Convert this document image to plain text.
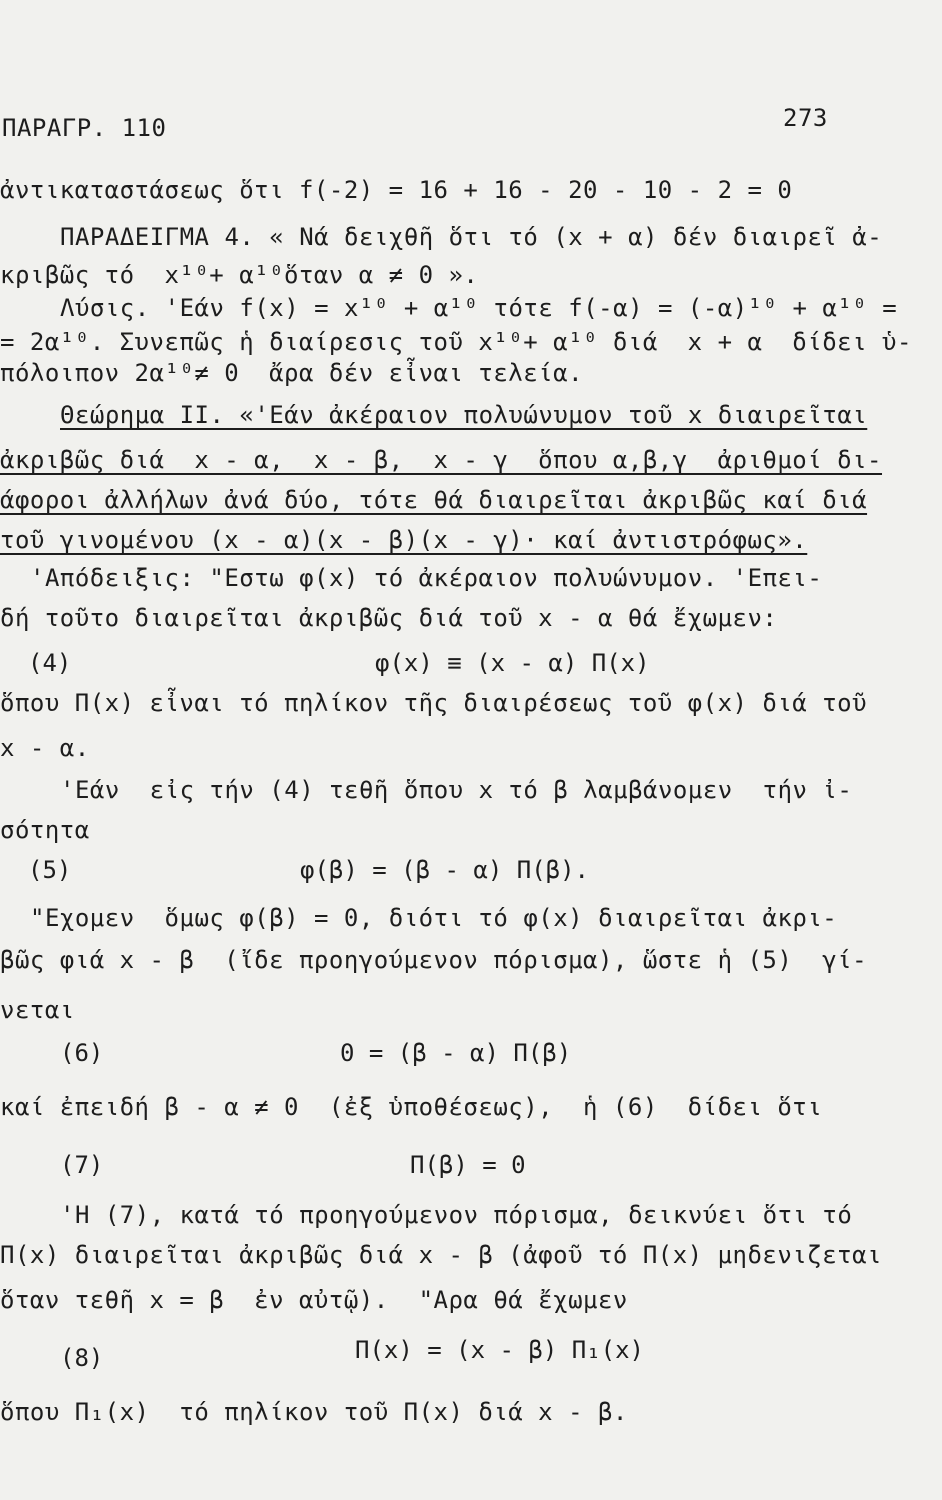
ΠΑΡΑΓΡ. 110	273
ἀντικαταστάσεως ὅτι f(-2) = 16 + 16 - 20 - 10 - 2 = 0
ΠΑΡΑΔΕΙΓΜΑ 4. « Νά δειχθῆ ὅτι τό (x + α) δέν διαιρεῖ ἀ-
κριβῶς τό  x¹⁰+ α¹⁰ὅταν α ≠ 0 ».
Λύσις. 'Εάν f(x) = x¹⁰ + α¹⁰ τότε f(-α) = (-α)¹⁰ + α¹⁰ =
= 2α¹⁰. Συνεπῶς ἡ διαίρεσις τοῦ x¹⁰+ α¹⁰ διά  x + α  δίδει ὑ-
πόλοιπον 2α¹⁰≠ 0  ἄρα δέν εἶναι τελεία.
Θεώρημα ΙΙ. «'Εάν ἀκέραιον πολυώνυμον τοῦ x διαιρεῖται
ἀκριβῶς διά  x - α,  x - β,  x - γ  ὅπου α,β,γ  ἀριθμοί δι-
άφοροι ἀλλήλων ἀνά δύο, τότε θά διαιρεῖται ἀκριβῶς καί διά
τοῦ γινομένου (x - α)(x - β)(x - γ)· καί ἀντιστρόφως».
'Απόδειξις: "Εστω φ(x) τό ἀκέραιον πολυώνυμον. 'Επει-
δή τοῦτο διαιρεῖται ἀκριβῶς διά τοῦ x - α θά ἔχωμεν:
(4)	φ(x) ≡ (x - α) Π(x)
ὅπου Π(x) εἶναι τό πηλίκον τῆς διαιρέσεως τοῦ φ(x) διά τοῦ
x - α.
'Εάν  εἰς τήν (4) τεθῆ ὅπου x τό β λαμβάνομεν  τήν ἰ-
σότητα
(5)	φ(β) = (β - α) Π(β).
"Εχομεν  ὅμως φ(β) = 0, διότι τό φ(x) διαιρεῖται ἀκρι-
βῶς φιά x - β  (ἴδε προηγούμενον πόρισμα), ὥστε ἡ (5)  γί-
νεται
(6)	0 = (β - α) Π(β)
καί ἐπειδή β - α ≠ 0  (ἐξ ὑποθέσεως),  ἡ (6)  δίδει ὅτι
(7)	Π(β) = 0
'Η (7), κατά τό προηγούμενον πόρισμα, δεικνύει ὅτι τό
Π(x) διαιρεῖται ἀκριβῶς διά x - β (ἀφοῦ τό Π(x) μηδενιζεται
ὅταν τεθῆ x = β  ἐν αὐτῷ).  "Αρα θά ἔχωμεν
(8)	Π(x) = (x - β) Π₁(x)
ὅπου Π₁(x)  τό πηλίκον τοῦ Π(x) διά x - β.
